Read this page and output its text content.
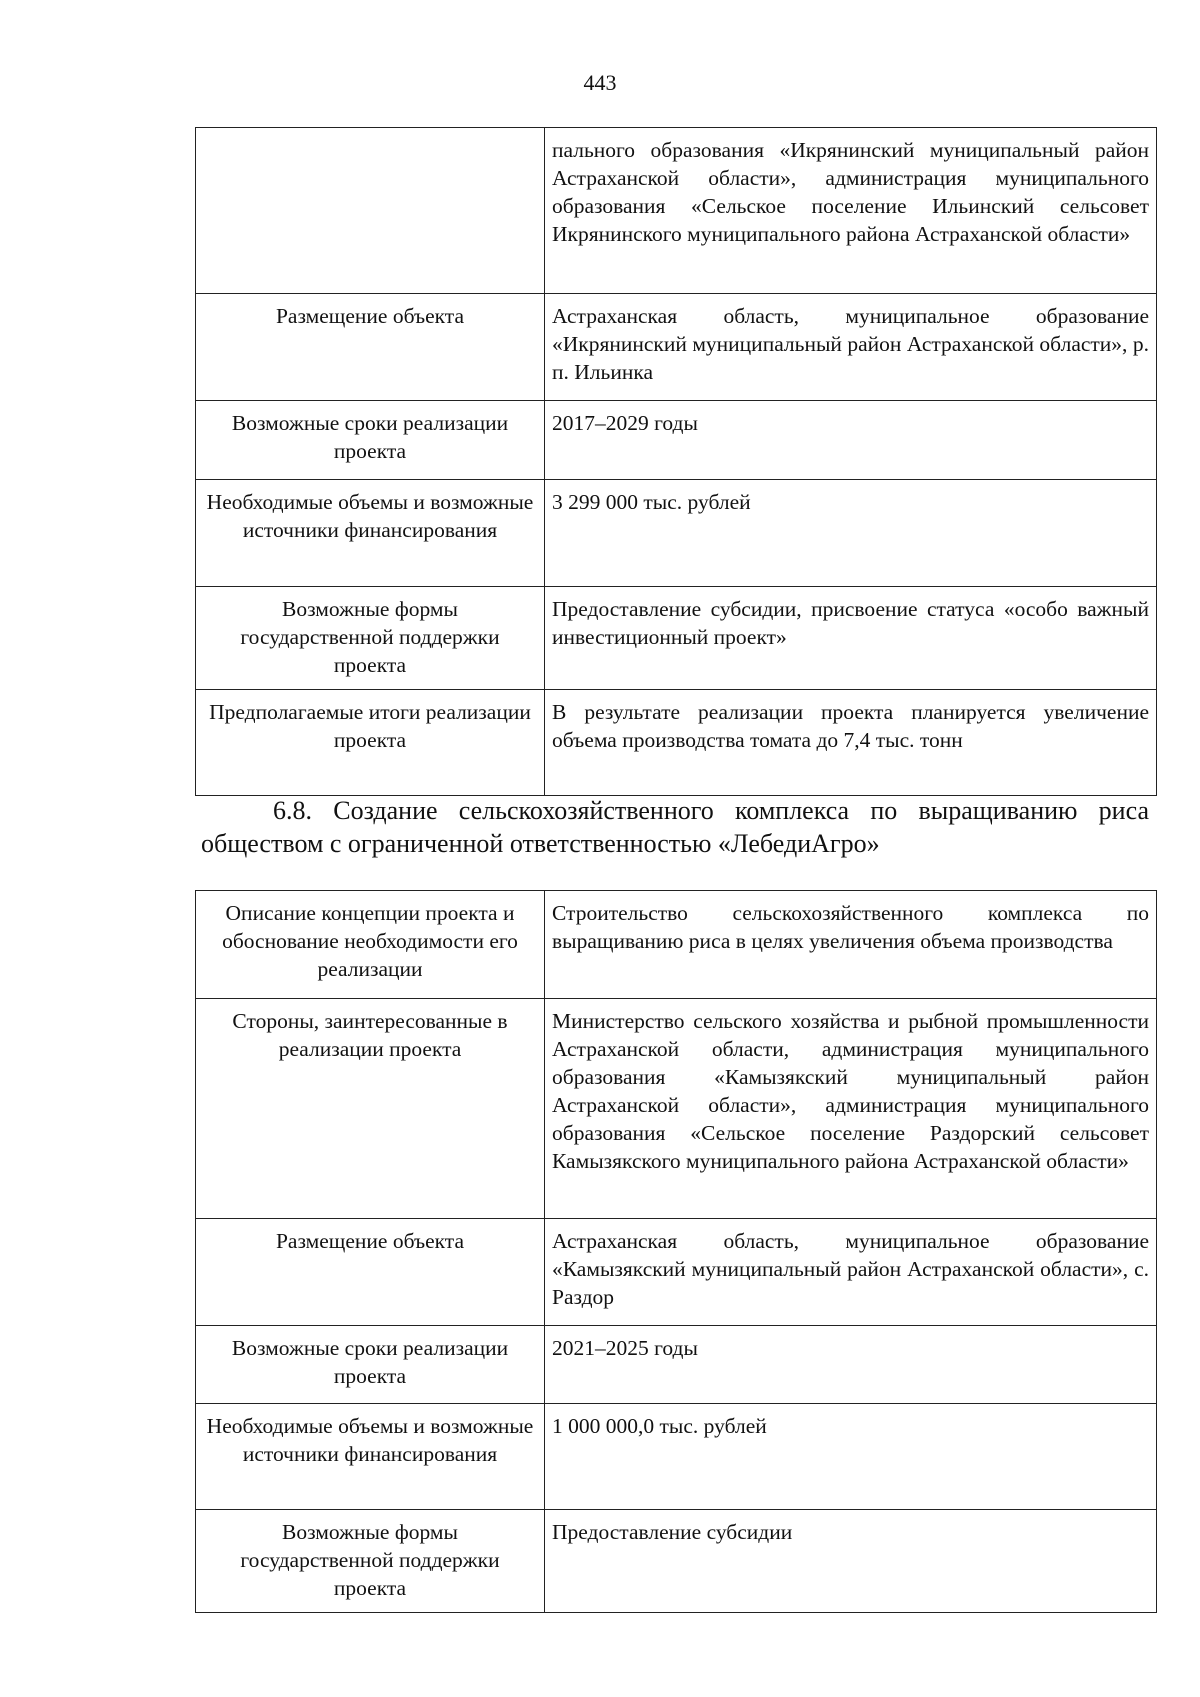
443
	пального образования «Икрянинский муниципальный район Астраханской области», администрация муниципального образования «Сельское поселение Ильинский сельсовет Икрянинского муниципального района Астраханской области»
Размещение объекта	Астраханская область, муниципальное образование «Икрянинский муниципальный район Астраханской области», р. п. Ильинка
Возможные сроки реализации проекта	2017–2029 годы
Необходимые объемы и возможные источники финансирования	3 299 000 тыс. рублей
Возможные формы государственной поддержки проекта	Предоставление субсидии, присвоение статуса «особо важный инвестиционный проект»
Предполагаемые итоги реализации проекта	В результате реализации проекта планируется увеличение объема производства томата до 7,4 тыс. тонн
6.8. Создание сельскохозяйственного комплекса по выращиванию риса обществом с ограниченной ответственностью «ЛебедиАгро»
Описание концепции проекта и обоснование необходимости его реализации	Строительство сельскохозяйственного комплекса по выращиванию риса в целях увеличения объема производства
Стороны, заинтересованные в реализации проекта	Министерство сельского хозяйства и рыбной промышленности Астраханской области, администрация муниципального образования «Камызякский муниципальный район Астраханской области», администрация муниципального образования «Сельское поселение Раздорский сельсовет Камызякского муниципального района Астраханской области»
Размещение объекта	Астраханская область, муниципальное образование «Камызякский муниципальный район Астраханской области», с. Раздор
Возможные сроки реализации проекта	2021–2025 годы
Необходимые объемы и возможные источники финансирования	1 000 000,0 тыс. рублей
Возможные формы государственной поддержки проекта	Предоставление субсидии
